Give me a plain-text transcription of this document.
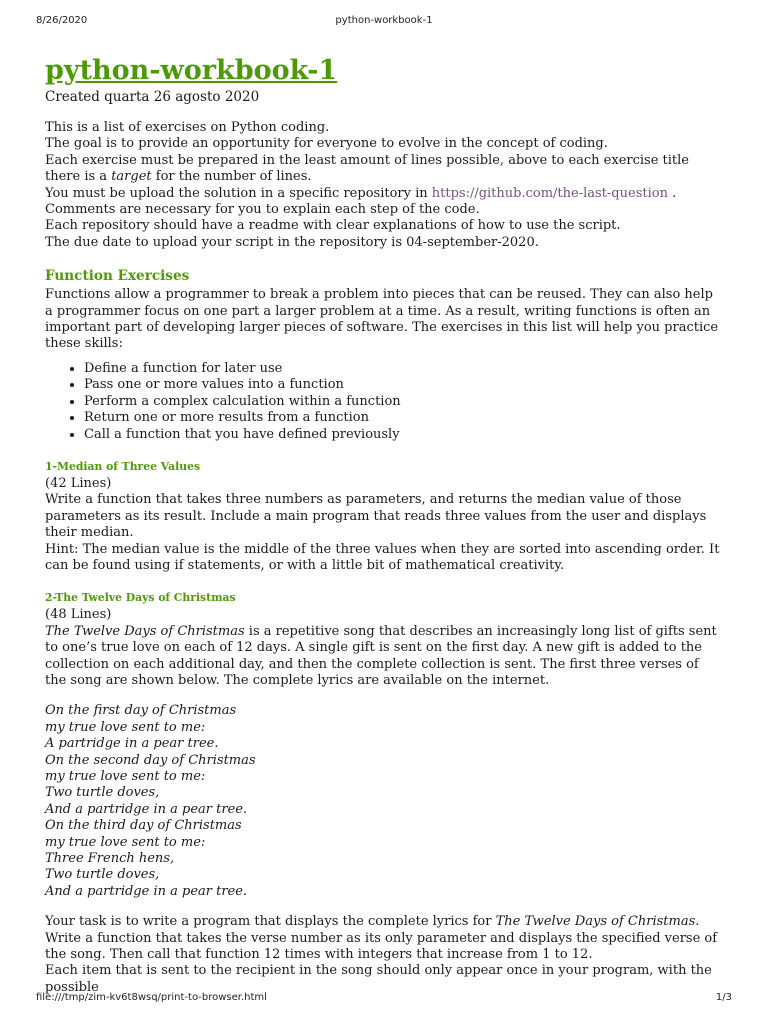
8/26/2020	python-workbook-1
python-workbook-1
Created quarta 26 agosto 2020

This is a list of exercises on Python coding.

The goal is to provide an opportunity for everyone to evolve in the concept of coding.

Each exercise must be prepared in the least amount of lines possible, above to each exercise title there is a target for the number of lines.

You must be upload the solution in a specific repository in https://github.com/the-last-question .

Comments are necessary for you to explain each step of the code.

Each repository should have a readme with clear explanations of how to use the script.

The due date to upload your script in the repository is 04-september-2020.

Function Exercises

Functions allow a programmer to break a problem into pieces that can be reused. They can also help a programmer focus on one part a larger problem at a time. As a result, writing functions is often an important part of developing larger pieces of software. The exercises in this list will help you practice these skills:

• Define a function for later use
• Pass one or more values into a function
• Perform a complex calculation within a function
• Return one or more results from a function
• Call a function that you have defined previously
1-Median of Three Values

(42 Lines)

Write a function that takes three numbers as parameters, and returns the median value of those parameters as its result. Include a main program that reads three values from the user and displays their median.

Hint: The median value is the middle of the three values when they are sorted into ascending order. It can be found using if statements, or with a little bit of mathematical creativity.

2-The Twelve Days of Christmas

(48 Lines)

The Twelve Days of Christmas is a repetitive song that describes an increasingly long list of gifts sent to one’s true love on each of 12 days. A single gift is sent on the first day. A new gift is added to the collection on each additional day, and then the complete collection is sent. The first three verses of the song are shown below. The complete lyrics are available on the internet.

On the first day of Christmas
my true love sent to me:
A partridge in a pear tree.
On the second day of Christmas
my true love sent to me:
Two turtle doves,
And a partridge in a pear tree.
On the third day of Christmas
my true love sent to me:
Three French hens,
Two turtle doves,
And a partridge in a pear tree.

Your task is to write a program that displays the complete lyrics for The Twelve Days of Christmas. Write a function that takes the verse number as its only parameter and displays the specified verse of the song. Then call that function 12 times with integers that increase from 1 to 12.

Each item that is sent to the recipient in the song should only appear once in your program, with the possible

file:///tmp/zim-kv6t8wsq/print-to-browser.html	1/3
